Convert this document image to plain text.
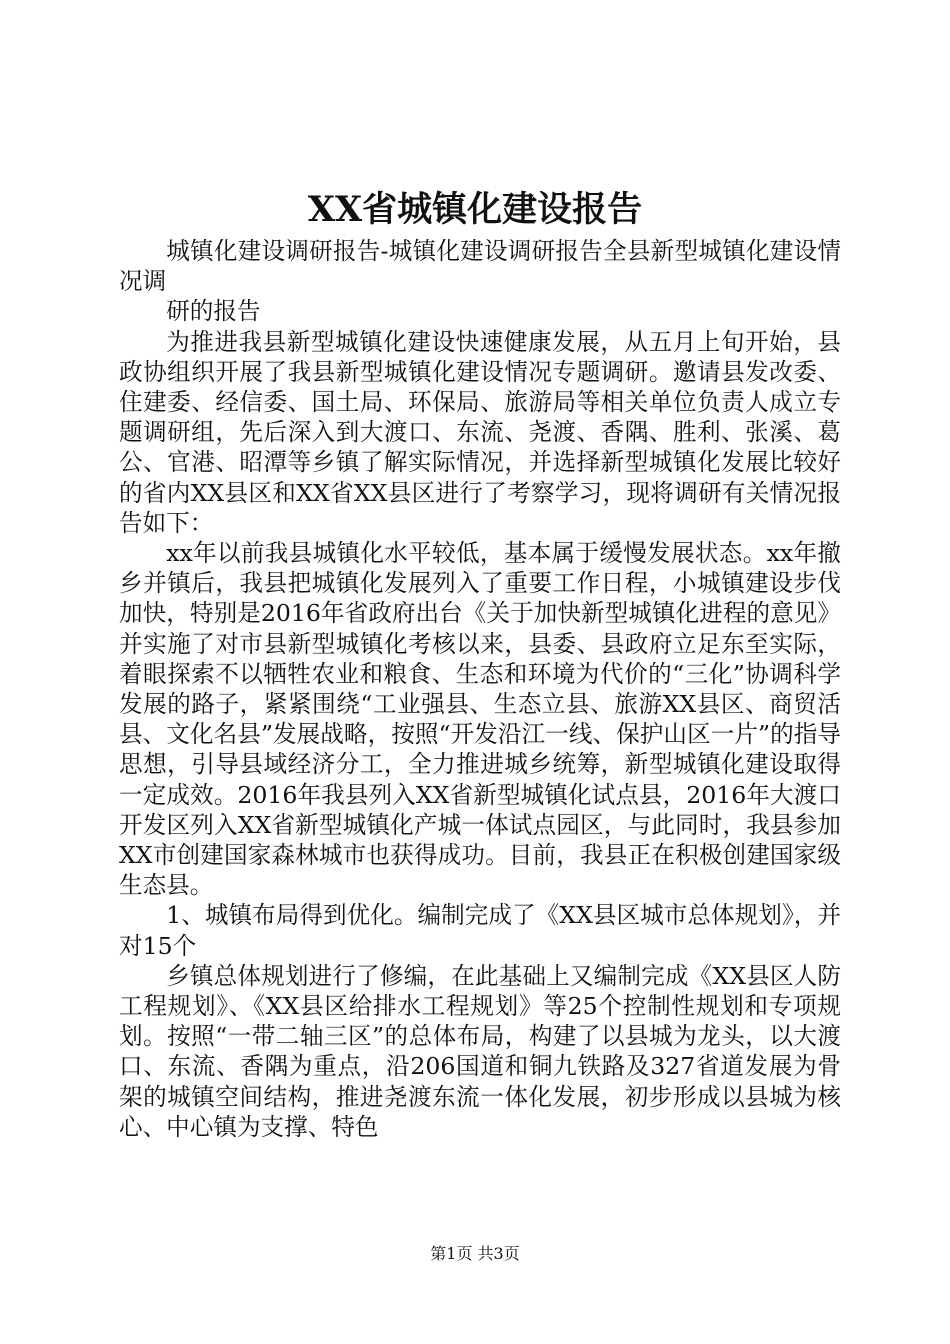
XX省城镇化建设报告

城镇化建设调研报告-城镇化建设调研报告全县新型城镇化建设情况调

研的报告

为推进我县新型城镇化建设快速健康发展，从五月上旬开始，县政协组织开展了我县新型城镇化建设情况专题调研。邀请县发改委、住建委、经信委、国土局、环保局、旅游局等相关单位负责人成立专题调研组，先后深入到大渡口、东流、尧渡、香隅、胜利、张溪、葛公、官港、昭潭等乡镇了解实际情况，并选择新型城镇化发展比较好的省内XX县区和XX省XX县区进行了考察学习，现将调研有关情况报告如下：

xx年以前我县城镇化水平较低，基本属于缓慢发展状态。xx年撤乡并镇后，我县把城镇化发展列入了重要工作日程，小城镇建设步伐加快，特别是2016年省政府出台《关于加快新型城镇化进程的意见》并实施了对市县新型城镇化考核以来，县委、县政府立足东至实际，着眼探索不以牺牲农业和粮食、生态和环境为代价的“三化”协调科学发展的路子，紧紧围绕“工业强县、生态立县、旅游XX县区、商贸活县、文化名县”发展战略，按照“开发沿江一线、保护山区一片”的指导思想，引导县域经济分工，全力推进城乡统筹，新型城镇化建设取得一定成效。2016年我县列入XX省新型城镇化试点县，2016年大渡口开发区列入XX省新型城镇化产城一体试点园区，与此同时，我县参加XX市创建国家森林城市也获得成功。目前，我县正在积极创建国家级生态县。

1、城镇布局得到优化。编制完成了《XX县区城市总体规划》，并对15个

乡镇总体规划进行了修编，在此基础上又编制完成《XX县区人防工程规划》、《XX县区给排水工程规划》等25个控制性规划和专项规划。按照“一带二轴三区”的总体布局，构建了以县城为龙头，以大渡口、东流、香隅为重点，沿206国道和铜九铁路及327省道发展为骨架的城镇空间结构，推进尧渡东流一体化发展，初步形成以县城为核心、中心镇为支撑、特色

第1页 共3页
